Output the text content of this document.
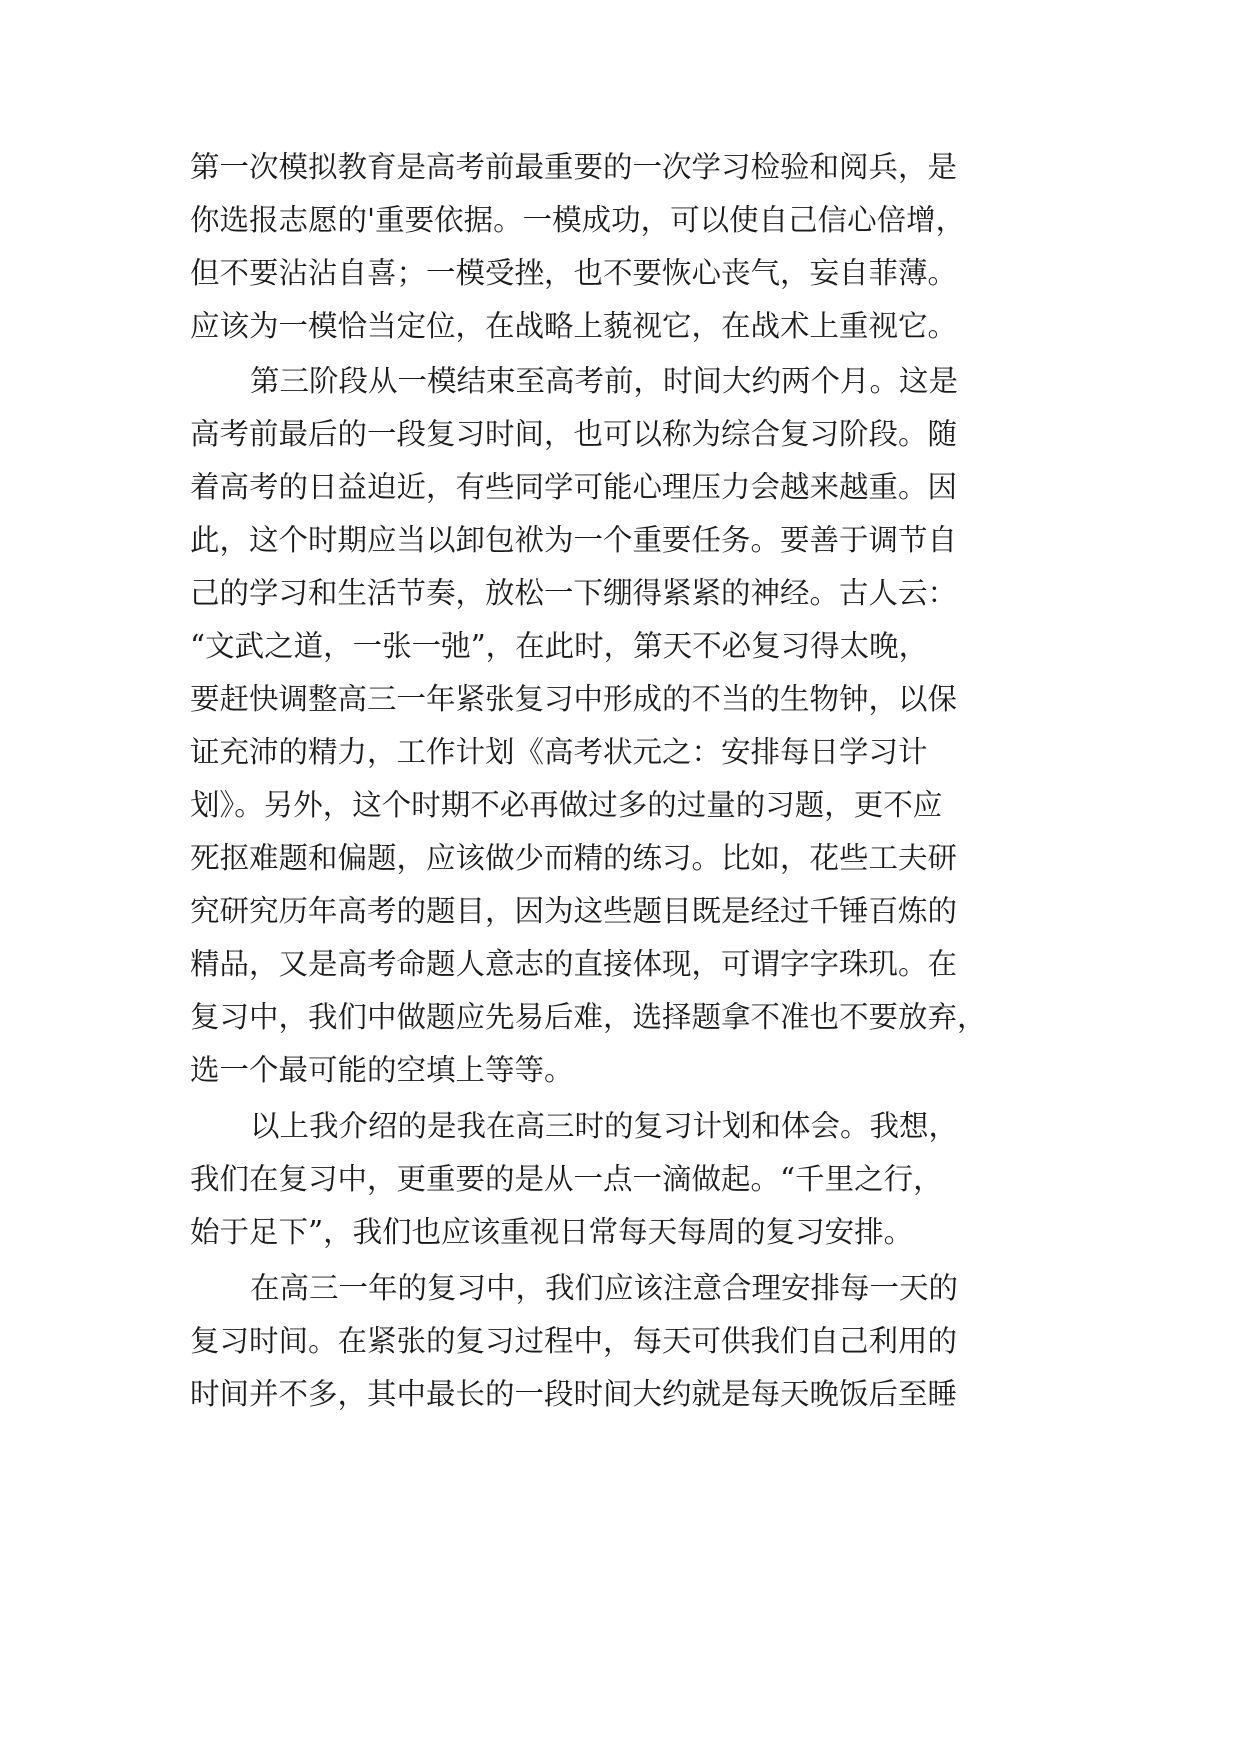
第一次模拟教育是高考前最重要的一次学习检验和阅兵，是
你选报志愿的'重要依据。一模成功，可以使自己信心倍增，
但不要沾沾自喜；一模受挫，也不要恢心丧气，妄自菲薄。
应该为一模恰当定位，在战略上藐视它，在战术上重视它。
第三阶段从一模结束至高考前，时间大约两个月。这是
高考前最后的一段复习时间，也可以称为综合复习阶段。随
着高考的日益迫近，有些同学可能心理压力会越来越重。因
此，这个时期应当以卸包袱为一个重要任务。要善于调节自
己的学习和生活节奏，放松一下绷得紧紧的神经。古人云：
“文武之道，一张一弛”，在此时，第天不必复习得太晚，
要赶快调整高三一年紧张复习中形成的不当的生物钟，以保
证充沛的精力，工作计划《高考状元之：安排每日学习计
划》。另外，这个时期不必再做过多的过量的习题，更不应
死抠难题和偏题，应该做少而精的练习。比如，花些工夫研
究研究历年高考的题目，因为这些题目既是经过千锤百炼的
精品，又是高考命题人意志的直接体现，可谓字字珠玑。在
复习中，我们中做题应先易后难，选择题拿不准也不要放弃，
选一个最可能的空填上等等。
以上我介绍的是我在高三时的复习计划和体会。我想，
我们在复习中，更重要的是从一点一滴做起。“千里之行，
始于足下”，我们也应该重视日常每天每周的复习安排。
在高三一年的复习中，我们应该注意合理安排每一天的
复习时间。在紧张的复习过程中，每天可供我们自己利用的
时间并不多，其中最长的一段时间大约就是每天晚饭后至睡
